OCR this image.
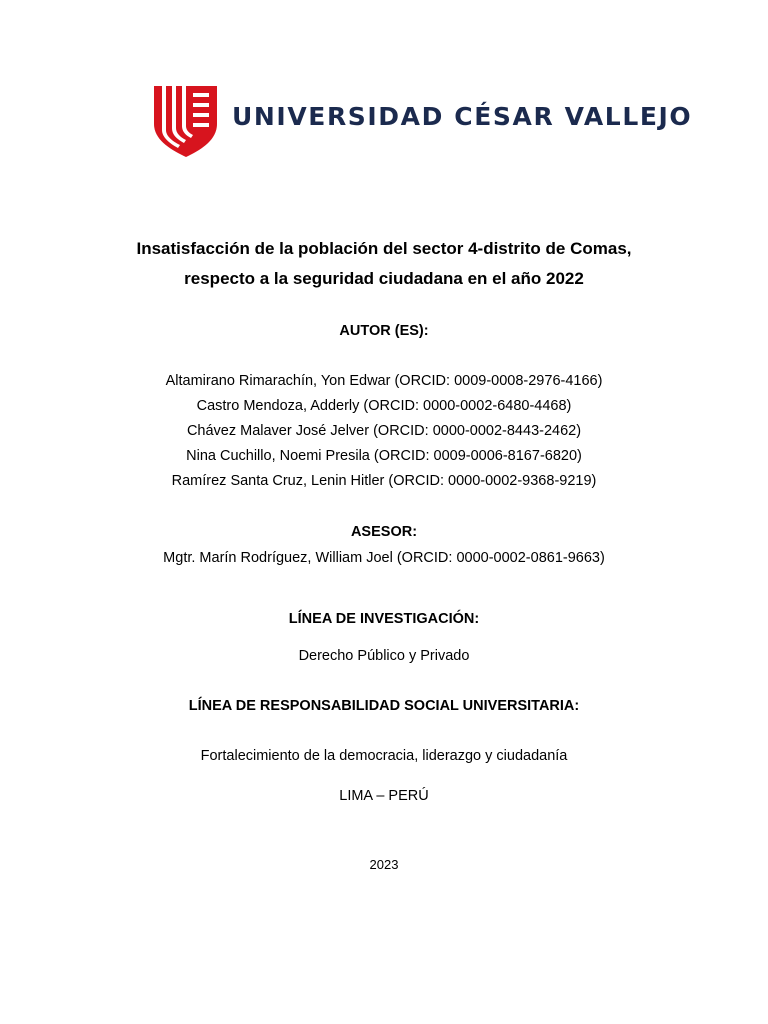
UNIVERSIDAD CÉSAR VALLEJO
Insatisfacción de la población del sector 4-distrito de Comas,
respecto a la seguridad ciudadana en el año 2022
AUTOR (ES):
Altamirano Rimarachín, Yon Edwar (ORCID: 0009-0008-2976-4166)
Castro Mendoza, Adderly (ORCID: 0000-0002-6480-4468)
Chávez Malaver José Jelver (ORCID: 0000-0002-8443-2462)
Nina Cuchillo, Noemi Presila (ORCID: 0009-0006-8167-6820)
Ramírez Santa Cruz, Lenin Hitler (ORCID: 0000-0002-9368-9219)
ASESOR:
Mgtr. Marín Rodríguez, William Joel (ORCID: 0000-0002-0861-9663)
LÍNEA DE INVESTIGACIÓN:
Derecho Público y Privado
LÍNEA DE RESPONSABILIDAD SOCIAL UNIVERSITARIA:
Fortalecimiento de la democracia, liderazgo y ciudadanía
LIMA – PERÚ
2023
